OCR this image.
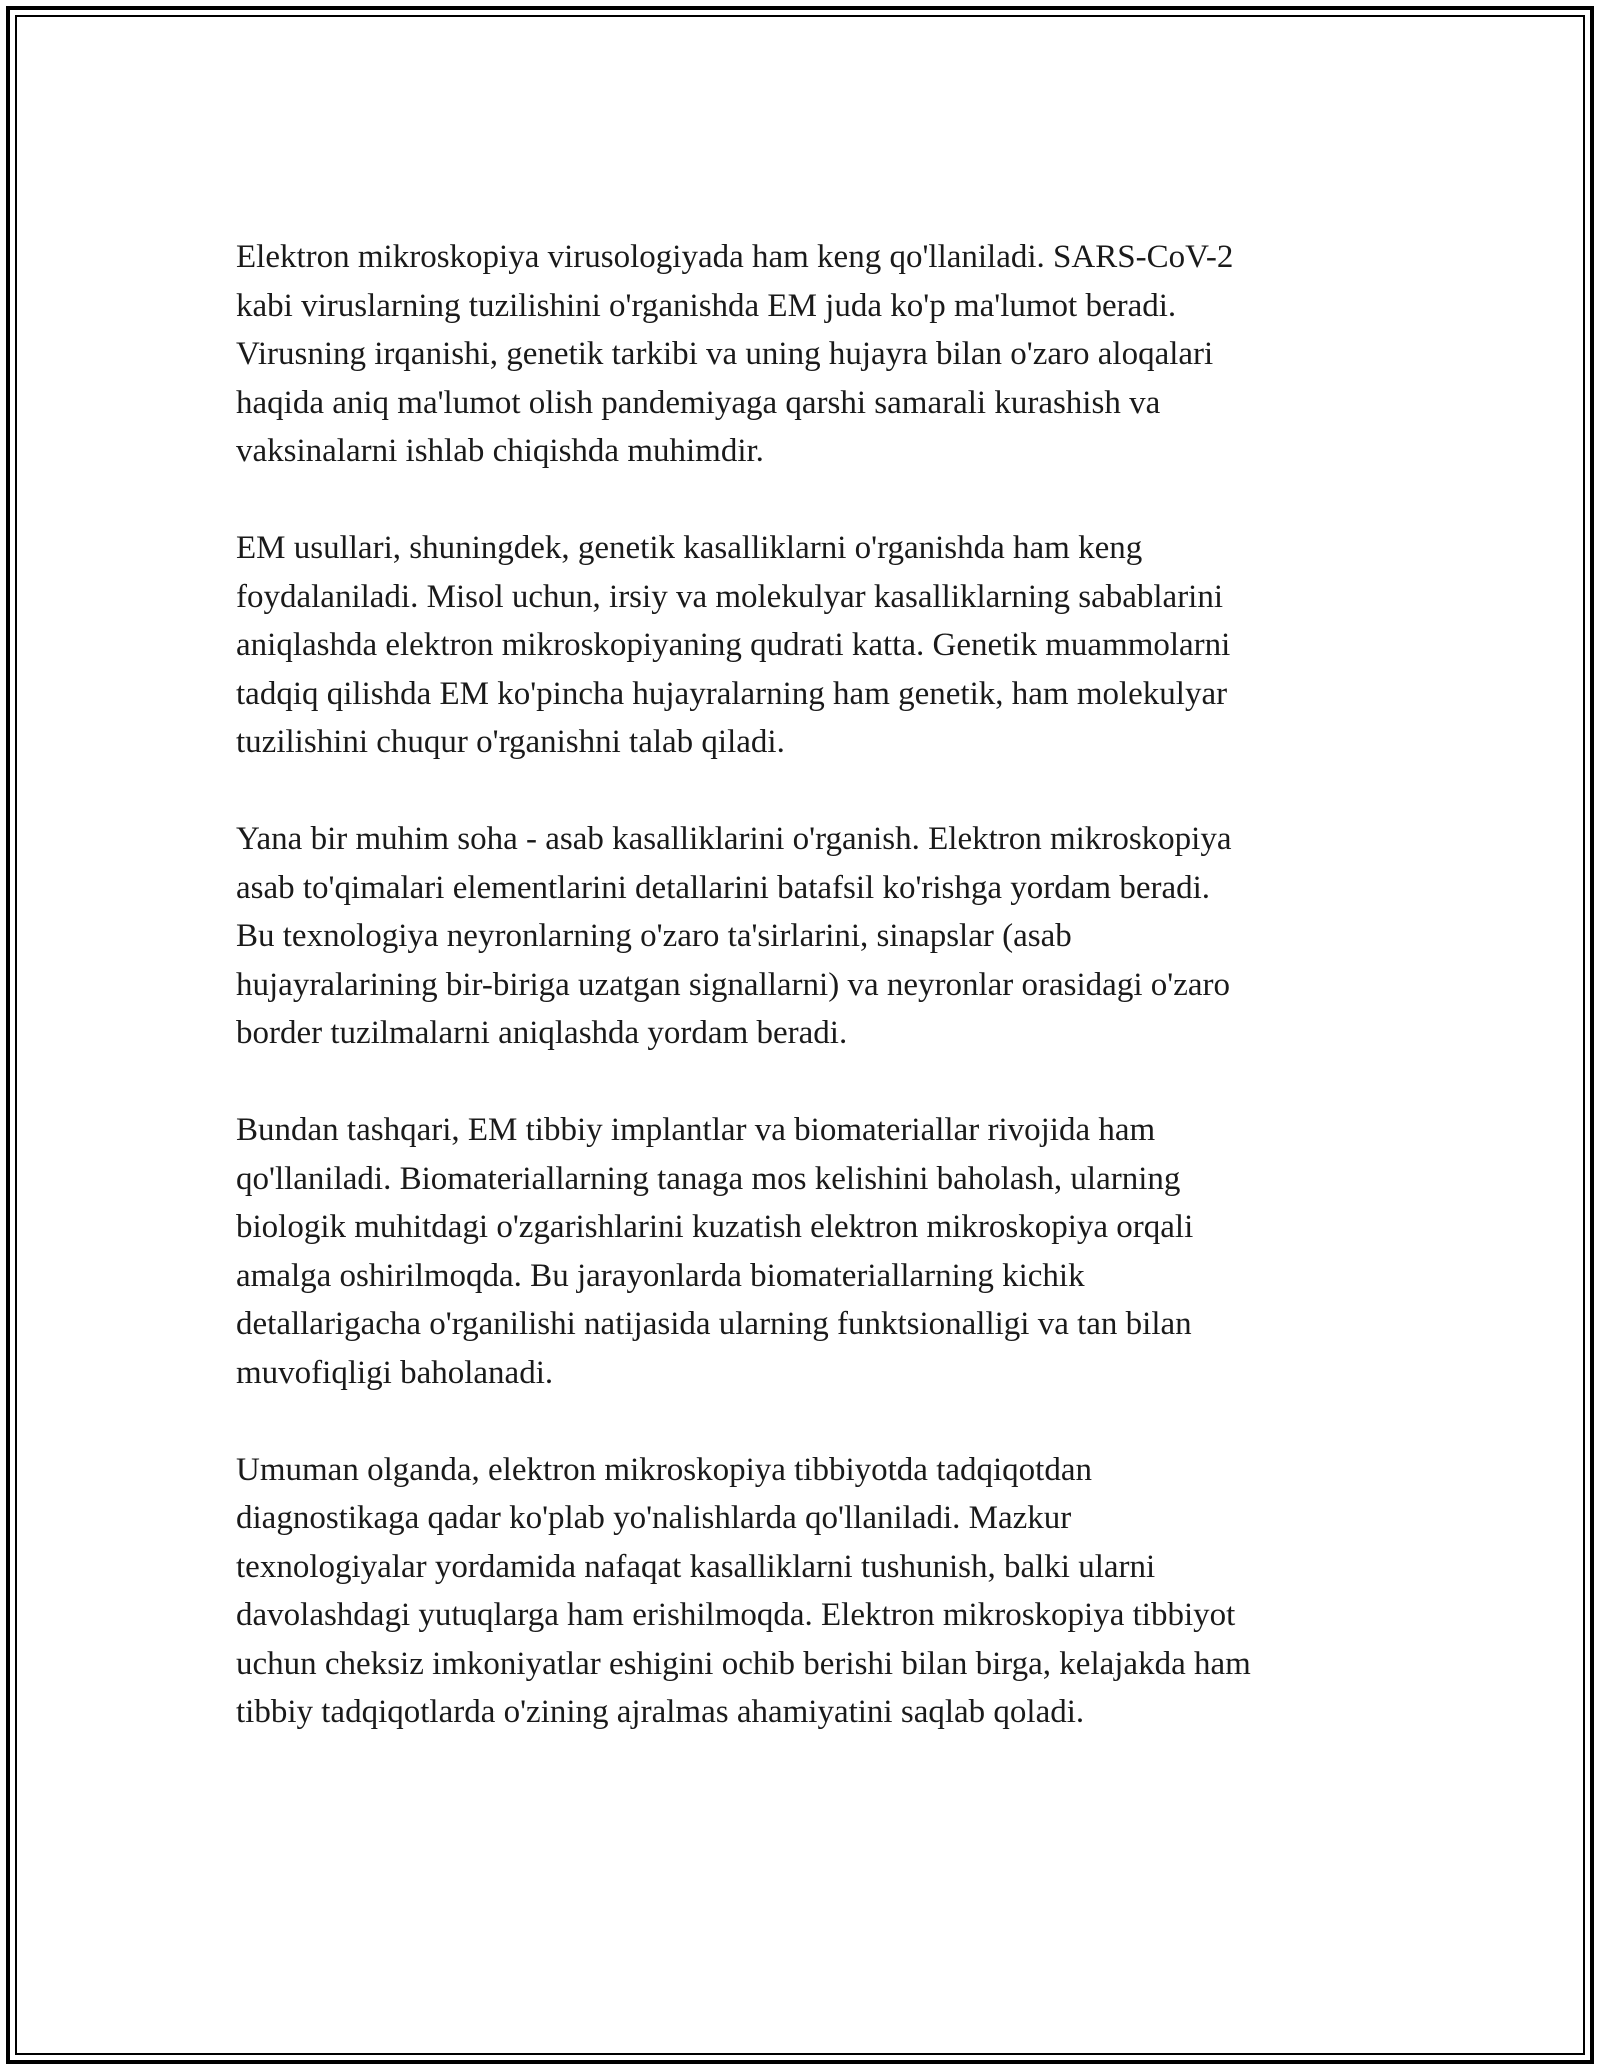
Elektron mikroskopiya virusologiyada ham keng qo'llaniladi. SARS-CoV-2
kabi viruslarning tuzilishini o'rganishda EM juda ko'p ma'lumot beradi.
Virusning irqanishi, genetik tarkibi va uning hujayra bilan o'zaro aloqalari
haqida aniq ma'lumot olish pandemiyaga qarshi samarali kurashish va
vaksinalarni ishlab chiqishda muhimdir.

EM usullari, shuningdek, genetik kasalliklarni o'rganishda ham keng
foydalaniladi. Misol uchun, irsiy va molekulyar kasalliklarning sabablarini
aniqlashda elektron mikroskopiyaning qudrati katta. Genetik muammolarni
tadqiq qilishda EM ko'pincha hujayralarning ham genetik, ham molekulyar
tuzilishini chuqur o'rganishni talab qiladi.

Yana bir muhim soha - asab kasalliklarini o'rganish. Elektron mikroskopiya
asab to'qimalari elementlarini detallarini batafsil ko'rishga yordam beradi.
Bu texnologiya neyronlarning o'zaro ta'sirlarini, sinapslar (asab
hujayralarining bir-biriga uzatgan signallarni) va neyronlar orasidagi o'zaro
border tuzilmalarni aniqlashda yordam beradi.

Bundan tashqari, EM tibbiy implantlar va biomateriallar rivojida ham
qo'llaniladi. Biomateriallarning tanaga mos kelishini baholash, ularning
biologik muhitdagi o'zgarishlarini kuzatish elektron mikroskopiya orqali
amalga oshirilmoqda. Bu jarayonlarda biomateriallarning kichik
detallarigacha o'rganilishi natijasida ularning funktsionalligi va tan bilan
muvofiqligi baholanadi.

Umuman olganda, elektron mikroskopiya tibbiyotda tadqiqotdan
diagnostikaga qadar ko'plab yo'nalishlarda qo'llaniladi. Mazkur
texnologiyalar yordamida nafaqat kasalliklarni tushunish, balki ularni
davolashdagi yutuqlarga ham erishilmoqda. Elektron mikroskopiya tibbiyot
uchun cheksiz imkoniyatlar eshigini ochib berishi bilan birga, kelajakda ham
tibbiy tadqiqotlarda o'zining ajralmas ahamiyatini saqlab qoladi.
